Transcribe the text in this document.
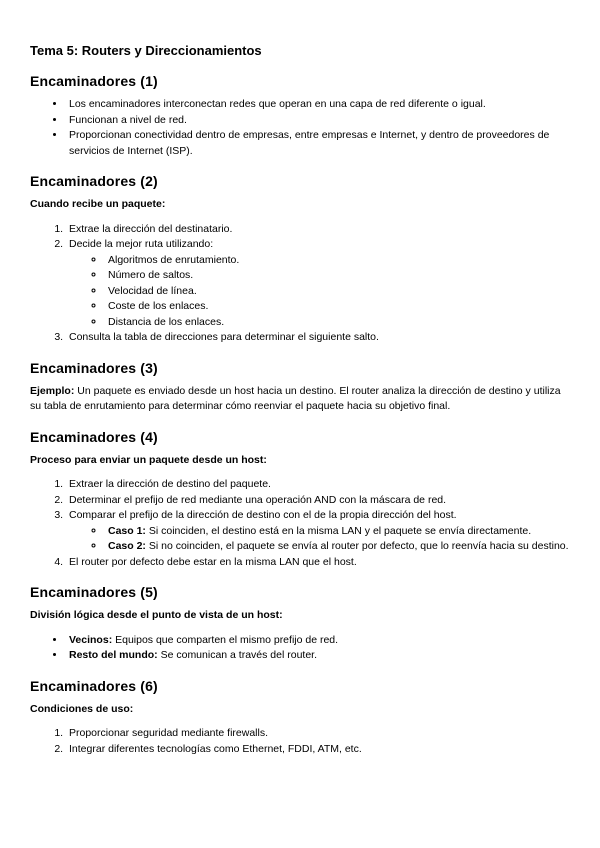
Tema 5: Routers y Direccionamientos
Encaminadores (1)
• Los encaminadores interconectan redes que operan en una capa de red diferente o igual.
• Funcionan a nivel de red.
• Proporcionan conectividad dentro de empresas, entre empresas e Internet, y dentro de proveedores de servicios de Internet (ISP).
Encaminadores (2)
Cuando recibe un paquete:
1. Extrae la dirección del destinatario.
2. Decide la mejor ruta utilizando:
◦ Algoritmos de enrutamiento.
◦ Número de saltos.
◦ Velocidad de línea.
◦ Coste de los enlaces.
◦ Distancia de los enlaces.
3. Consulta la tabla de direcciones para determinar el siguiente salto.
Encaminadores (3)

Ejemplo: Un paquete es enviado desde un host hacia un destino. El router analiza la dirección de destino y utiliza su tabla de enrutamiento para determinar cómo reenviar el paquete hacia su objetivo final.

Encaminadores (4)
Proceso para enviar un paquete desde un host:
1. Extraer la dirección de destino del paquete.
2. Determinar el prefijo de red mediante una operación AND con la máscara de red.
3. Comparar el prefijo de la dirección de destino con el de la propia dirección del host.
◦ Caso 1: Si coinciden, el destino está en la misma LAN y el paquete se envía directamente.
◦ Caso 2: Si no coinciden, el paquete se envía al router por defecto, que lo reenvía hacia su destino.
4. El router por defecto debe estar en la misma LAN que el host.
Encaminadores (5)
División lógica desde el punto de vista de un host:
• Vecinos: Equipos que comparten el mismo prefijo de red.
• Resto del mundo: Se comunican a través del router.
Encaminadores (6)
Condiciones de uso:
1. Proporcionar seguridad mediante firewalls.
2. Integrar diferentes tecnologías como Ethernet, FDDI, ATM, etc.
